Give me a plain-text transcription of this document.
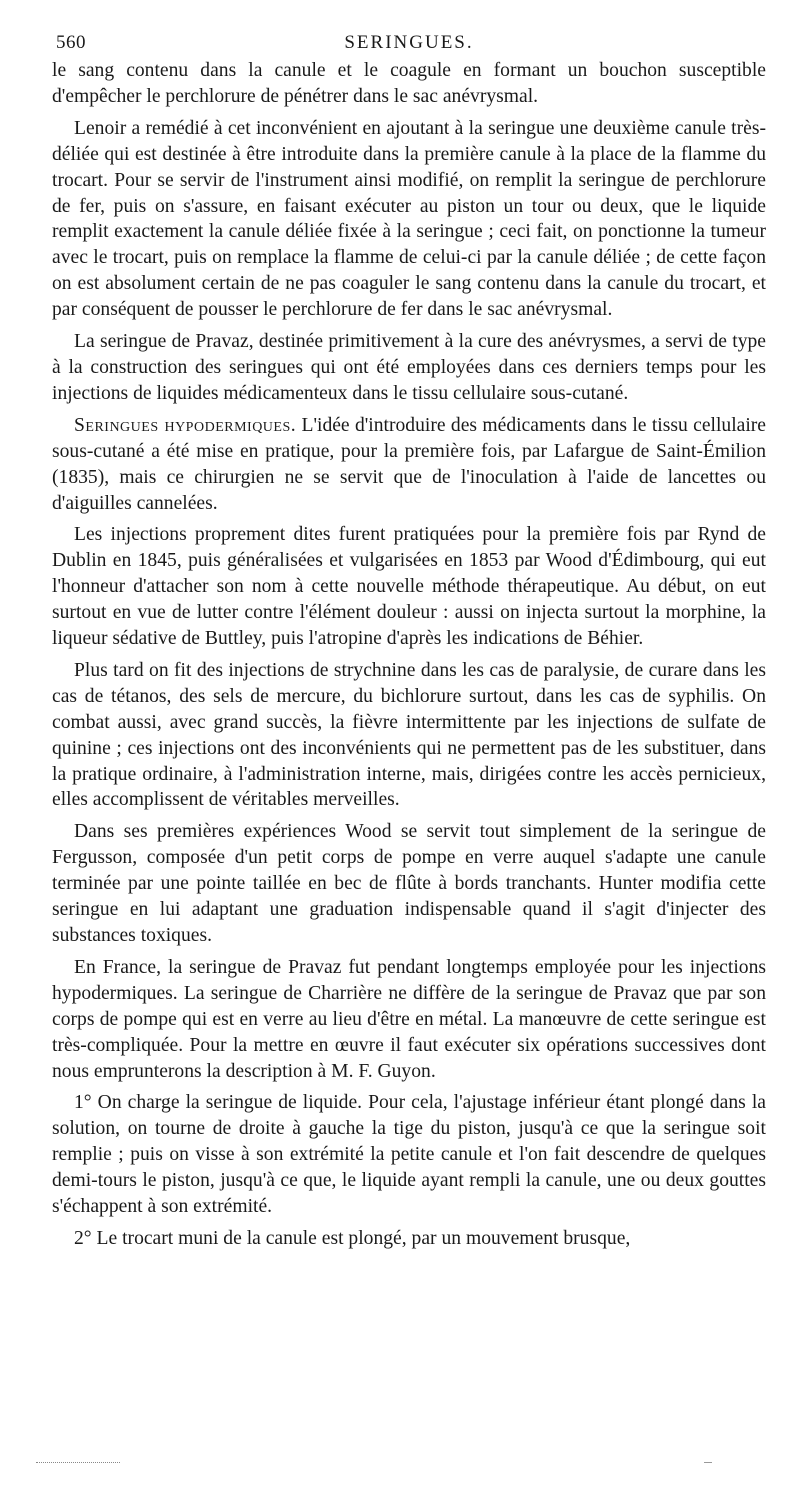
560	SERINGUES.

le sang contenu dans la canule et le coagule en formant un bouchon susceptible d'empêcher le perchlorure de pénétrer dans le sac anévrysmal.

Lenoir a remédié à cet inconvénient en ajoutant à la seringue une deuxième canule très-déliée qui est destinée à être introduite dans la première canule à la place de la flamme du trocart. Pour se servir de l'instrument ainsi modifié, on remplit la seringue de perchlorure de fer, puis on s'assure, en faisant exécuter au piston un tour ou deux, que le liquide remplit exactement la canule déliée fixée à la seringue ; ceci fait, on ponctionne la tumeur avec le trocart, puis on remplace la flamme de celui-ci par la canule déliée ; de cette façon on est absolument certain de ne pas coaguler le sang contenu dans la canule du trocart, et par conséquent de pousser le perchlorure de fer dans le sac anévrysmal.

La seringue de Pravaz, destinée primitivement à la cure des anévrysmes, a servi de type à la construction des seringues qui ont été employées dans ces derniers temps pour les injections de liquides médicamenteux dans le tissu cellulaire sous-cutané.

Seringues hypodermiques. L'idée d'introduire des médicaments dans le tissu cellulaire sous-cutané a été mise en pratique, pour la première fois, par Lafargue de Saint-Émilion (1835), mais ce chirurgien ne se servit que de l'inoculation à l'aide de lancettes ou d'aiguilles cannelées.

Les injections proprement dites furent pratiquées pour la première fois par Rynd de Dublin en 1845, puis généralisées et vulgarisées en 1853 par Wood d'Édimbourg, qui eut l'honneur d'attacher son nom à cette nouvelle méthode thérapeutique. Au début, on eut surtout en vue de lutter contre l'élément douleur : aussi on injecta surtout la morphine, la liqueur sédative de Buttley, puis l'atropine d'après les indications de Béhier.

Plus tard on fit des injections de strychnine dans les cas de paralysie, de curare dans les cas de tétanos, des sels de mercure, du bichlorure surtout, dans les cas de syphilis. On combat aussi, avec grand succès, la fièvre intermittente par les injections de sulfate de quinine ; ces injections ont des inconvénients qui ne permettent pas de les substituer, dans la pratique ordinaire, à l'administration interne, mais, dirigées contre les accès pernicieux, elles accomplissent de véritables merveilles.

Dans ses premières expériences Wood se servit tout simplement de la seringue de Fergusson, composée d'un petit corps de pompe en verre auquel s'adapte une canule terminée par une pointe taillée en bec de flûte à bords tranchants. Hunter modifia cette seringue en lui adaptant une graduation indispensable quand il s'agit d'injecter des substances toxiques.

En France, la seringue de Pravaz fut pendant longtemps employée pour les injections hypodermiques. La seringue de Charrière ne diffère de la seringue de Pravaz que par son corps de pompe qui est en verre au lieu d'être en métal. La manœuvre de cette seringue est très-compliquée. Pour la mettre en œuvre il faut exécuter six opérations successives dont nous emprunterons la description à M. F. Guyon.

1° On charge la seringue de liquide. Pour cela, l'ajustage inférieur étant plongé dans la solution, on tourne de droite à gauche la tige du piston, jusqu'à ce que la seringue soit remplie ; puis on visse à son extrémité la petite canule et l'on fait descendre de quelques demi-tours le piston, jusqu'à ce que, le liquide ayant rempli la canule, une ou deux gouttes s'échappent à son extrémité.

2° Le trocart muni de la canule est plongé, par un mouvement brusque,
